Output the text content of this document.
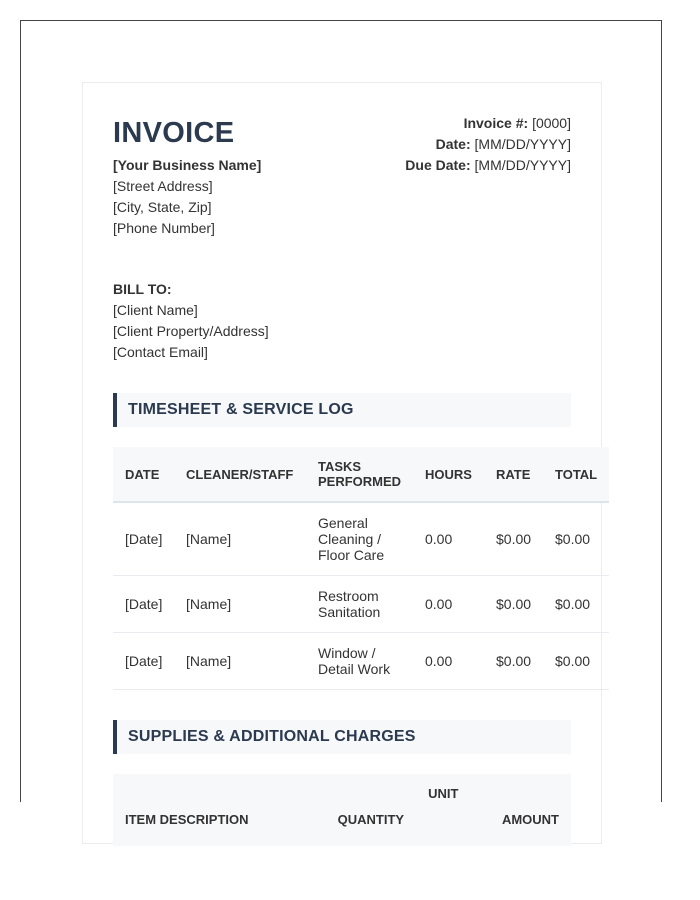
INVOICE
[Your Business Name]
[Street Address]
[City, State, Zip]
[Phone Number]
Invoice #: [0000]
Date: [MM/DD/YYYY]
Due Date: [MM/DD/YYYY]
BILL TO:
[Client Name]
[Client Property/Address]
[Contact Email]
TIMESHEET & SERVICE LOG
DATE	CLEANER/STAFF	TASKS PERFORMED	HOURS	RATE	TOTAL
[Date]	[Name]	General Cleaning / Floor Care	0.00	$0.00	$0.00
[Date]	[Name]	Restroom Sanitation	0.00	$0.00	$0.00
[Date]	[Name]	Window / Detail Work	0.00	$0.00	$0.00
SUPPLIES & ADDITIONAL CHARGES
ITEM DESCRIPTION	QUANTITY	UNIT	AMOUNT
